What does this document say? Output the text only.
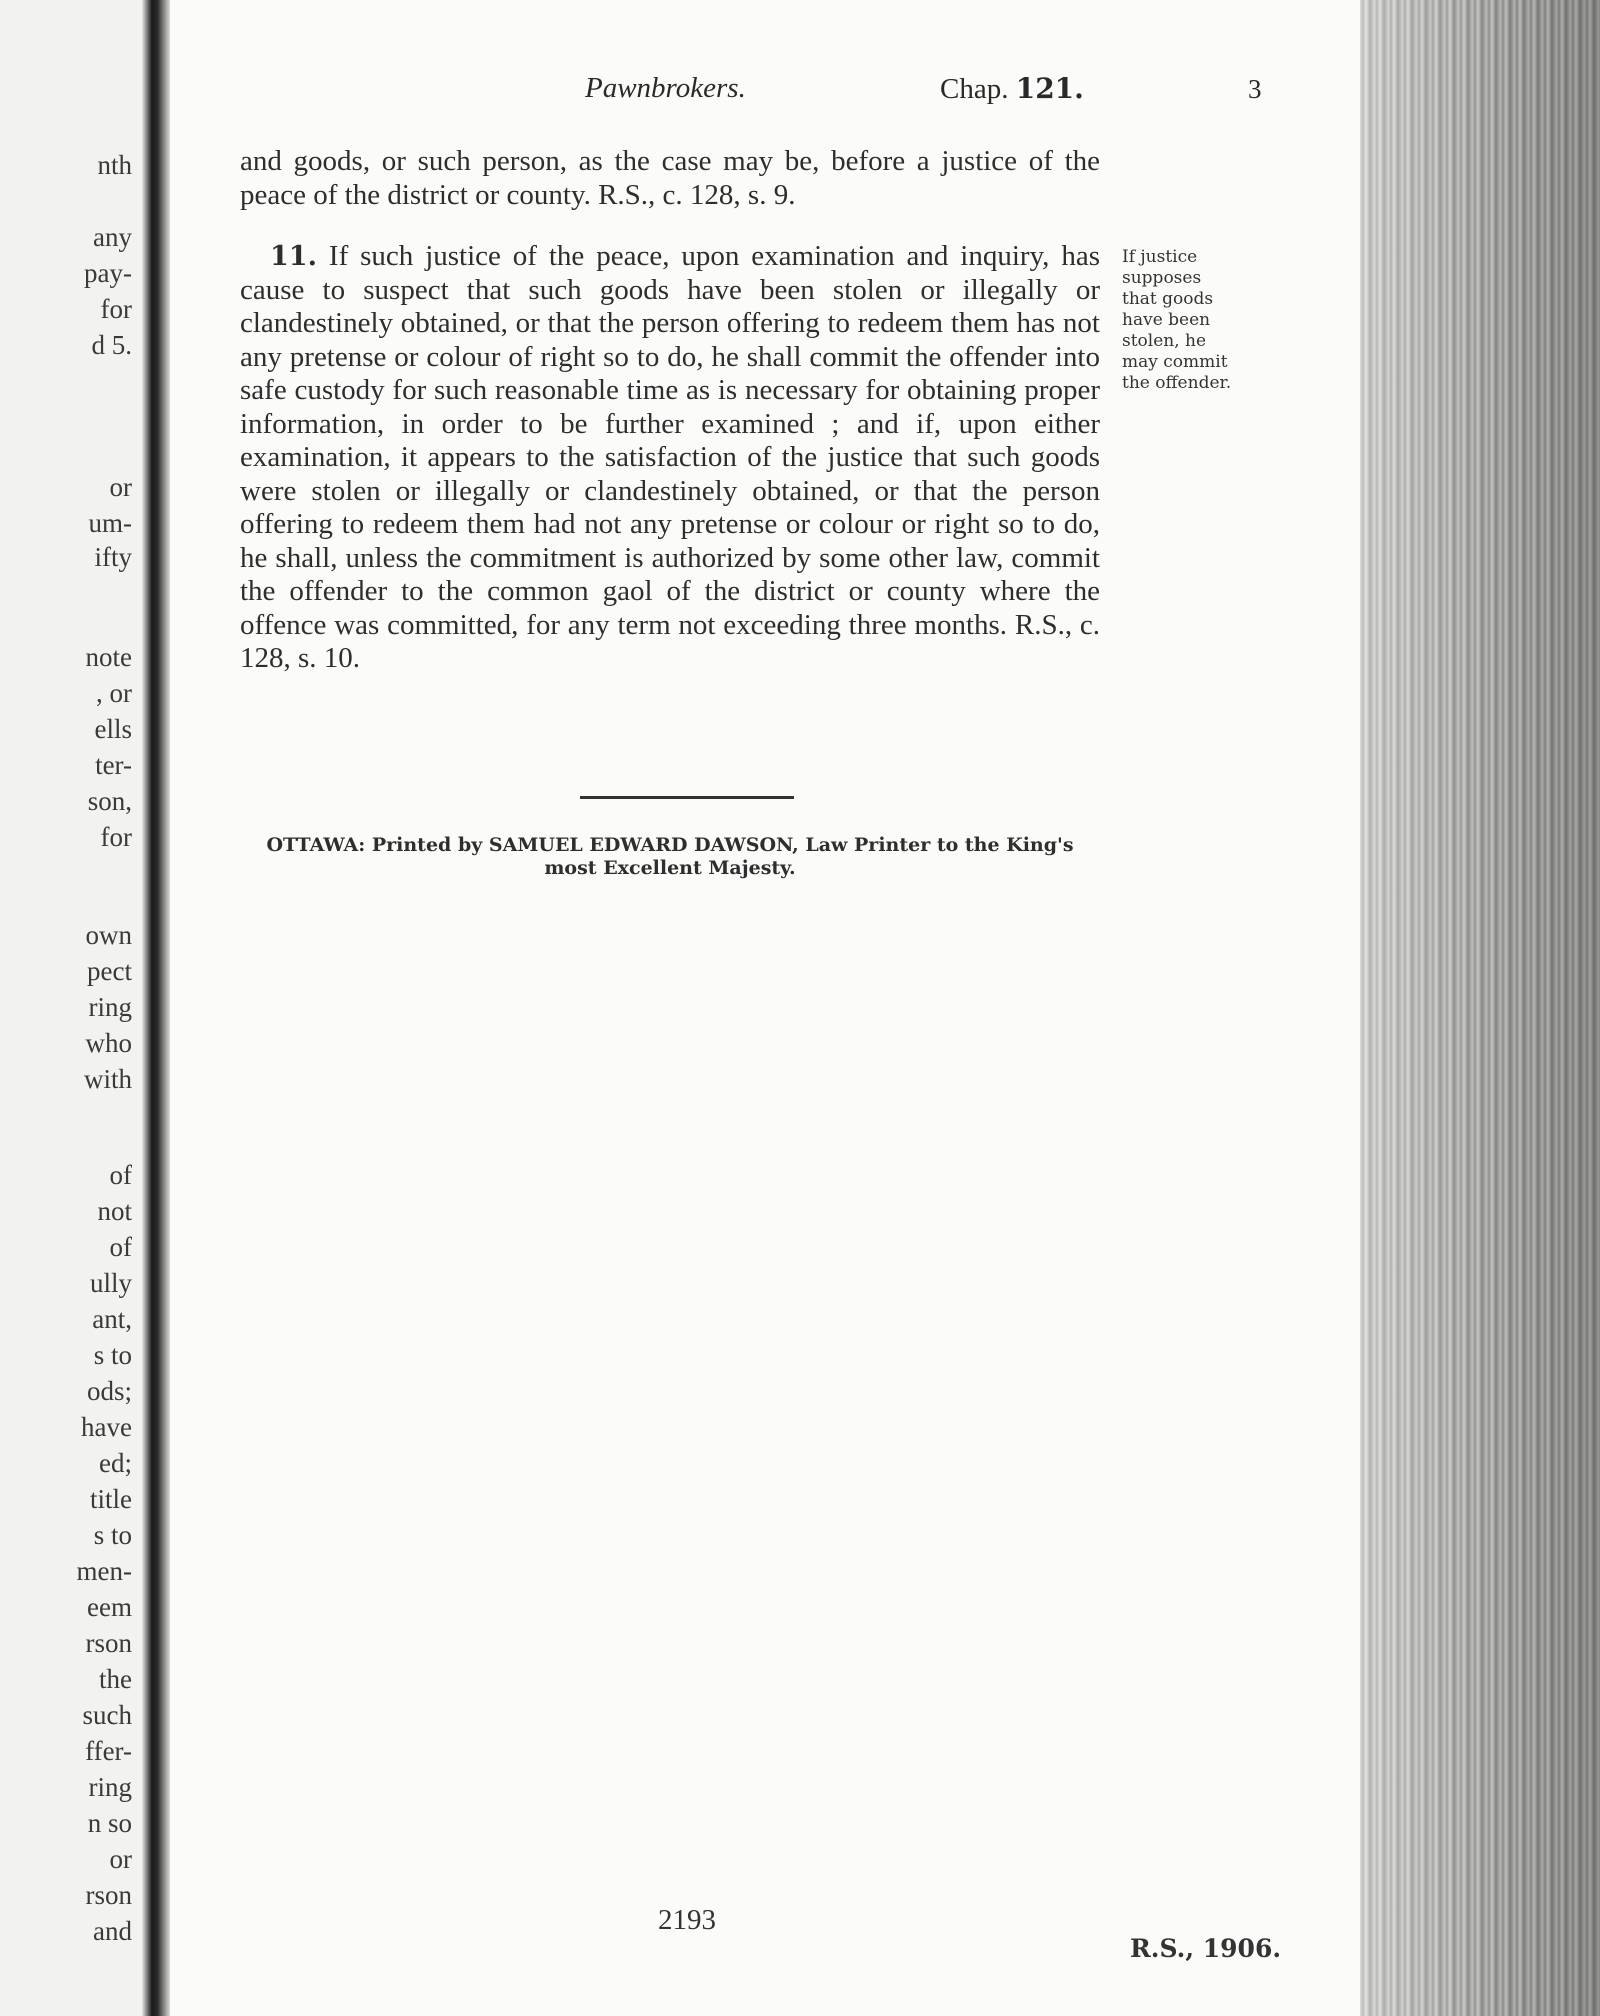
nth
any
pay-
for
d 5.
or
um-
ifty
note
, or
ells
ter-
son,
for
own
pect
ring
who
with
of
not
of
ully
ant,
s to
ods;
have
ed;
title
s to
men-
eem
rson
the
such
ffer-
ring
n so
or
rson
and
Pawnbrokers.	Chap. 121.	3

and goods, or such person, as the case may be, before a justice of the peace of the district or county. R.S., c. 128, s. 9.

11. If such justice of the peace, upon examination and inquiry, has cause to suspect that such goods have been stolen or illegally or clandestinely obtained, or that the person offering to redeem them has not any pretense or colour of right so to do, he shall commit the offender into safe custody for such reasonable time as is necessary for obtaining proper information, in order to be further examined ; and if, upon either examination, it appears to the satisfaction of the justice that such goods were stolen or illegally or clandestinely obtained, or that the person offering to redeem them had not any pretense or colour or right so to do, he shall, unless the commitment is authorized by some other law, commit the offender to the common gaol of the district or county where the offence was committed, for any term not exceeding three months. R.S., c. 128, s. 10.

If justice
supposes
that goods
have been
stolen, he
may commit
the offender.
OTTAWA: Printed by SAMUEL EDWARD DAWSON, Law Printer to the King's
most Excellent Majesty.
2193
R.S., 1906.
